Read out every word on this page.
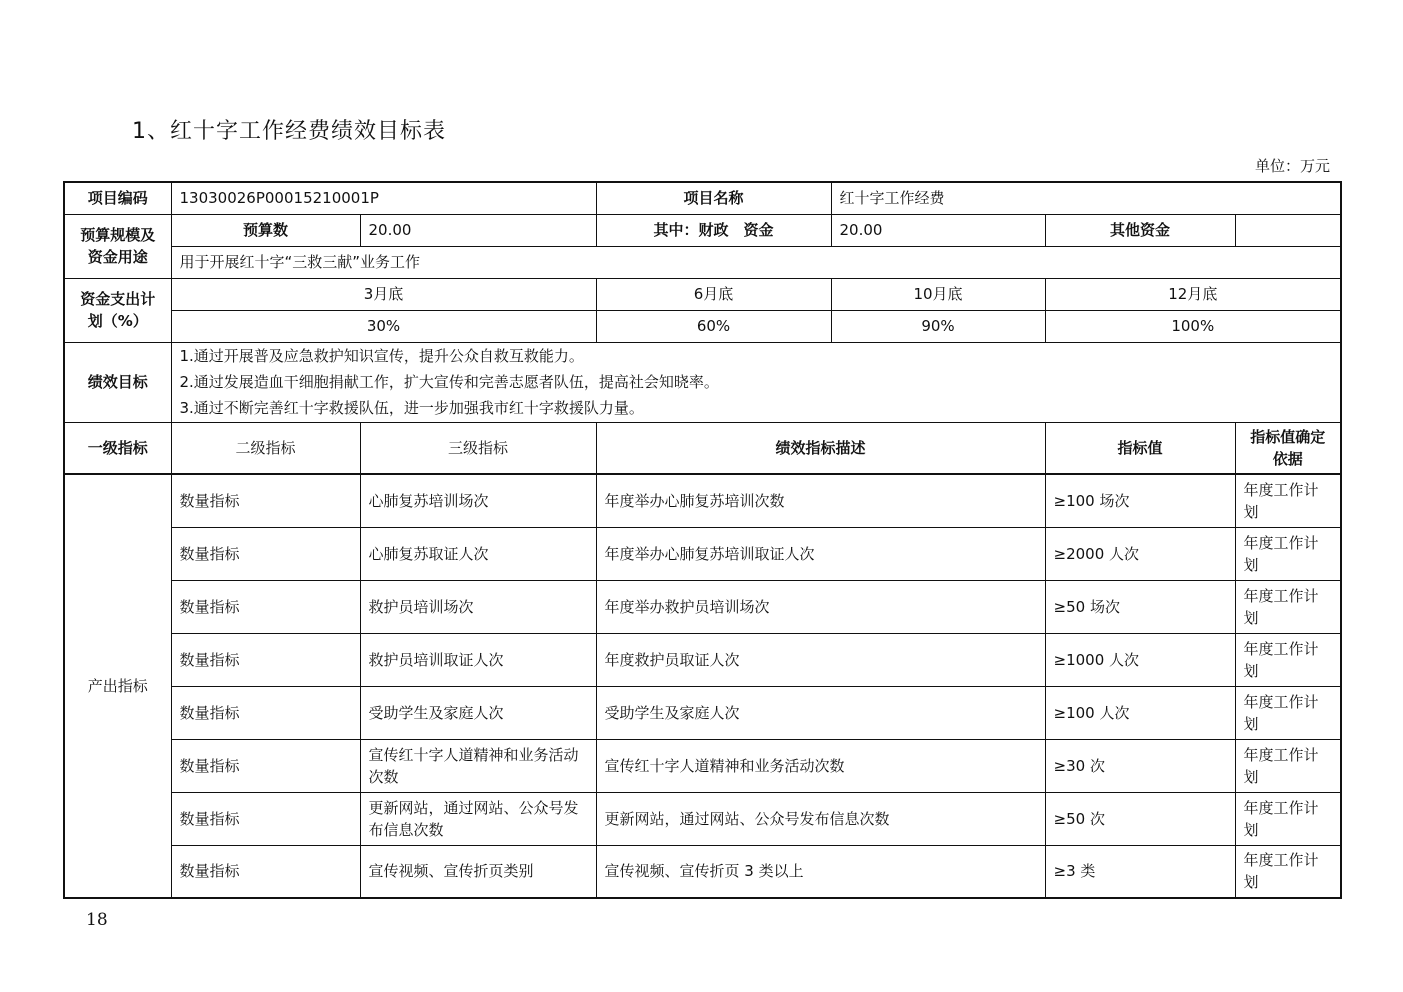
1、红十字工作经费绩效目标表
单位：万元
项目编码	13030026P00015210001P		项目名称	红十字工作经费		
预算规模及资金用途	预算数	20.00	其中：财政　资金	20.00	其他资金	
	用于开展红十字“三救三献”业务工作					
资金支出计划（%）	3月底		6月底	10月底	12月底	
	30%		60%	90%	100%	
绩效目标	1.通过开展普及应急救护知识宣传，提升公众自救互救能力。
2.通过发展造血干细胞捐献工作，扩大宣传和完善志愿者队伍，提高社会知晓率。
3.通过不断完善红十字救援队伍，进一步加强我市红十字救援队力量。					

一级指标	二级指标	三级指标	绩效指标描述		指标值	指标值确定依据
产出指标	数量指标	心肺复苏培训场次	年度举办心肺复苏培训次数		≥100 场次	年度工作计划
	数量指标	心肺复苏取证人次	年度举办心肺复苏培训取证人次		≥2000 人次	年度工作计划
	数量指标	救护员培训场次	年度举办救护员培训场次		≥50 场次	年度工作计划
	数量指标	救护员培训取证人次	年度救护员取证人次		≥1000 人次	年度工作计划
	数量指标	受助学生及家庭人次	受助学生及家庭人次		≥100 人次	年度工作计划
	数量指标	宣传红十字人道精神和业务活动次数	宣传红十字人道精神和业务活动次数		≥30 次	年度工作计划
	数量指标	更新网站，通过网站、公众号发布信息次数	更新网站，通过网站、公众号发布信息次数		≥50 次	年度工作计划
	数量指标	宣传视频、宣传折页类别	宣传视频、宣传折页 3 类以上		≥3 类	年度工作计划
18
